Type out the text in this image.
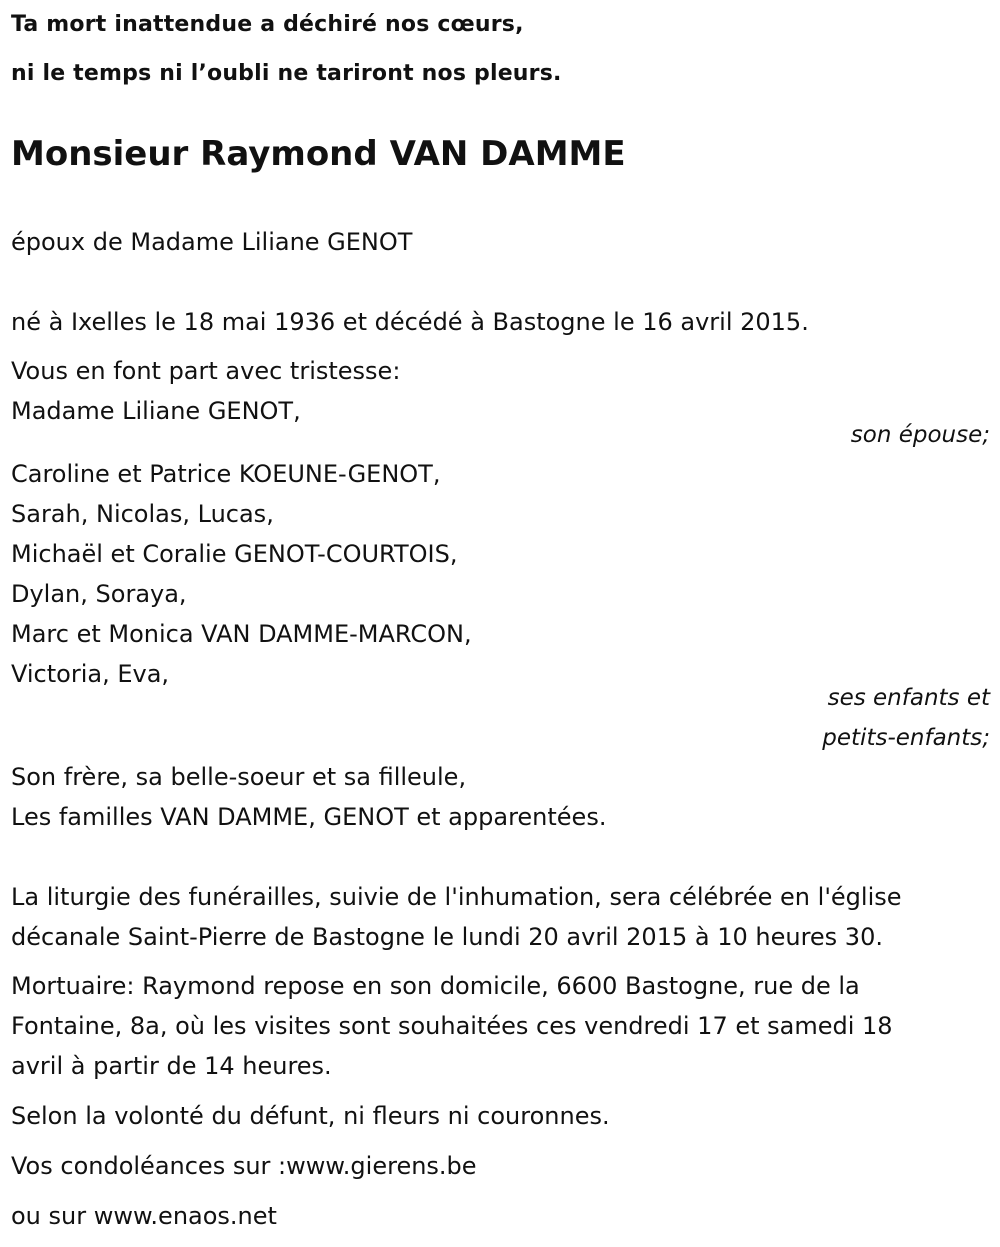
Ta mort inattendue a déchiré nos cœurs,
ni le temps ni l’oubli ne tariront nos pleurs.
Monsieur Raymond VAN DAMME
époux de Madame Liliane GENOT
né à Ixelles le 18 mai 1936 et décédé à Bastogne le 16 avril 2015.
Vous en font part avec tristesse:
Madame Liliane GENOT,
son épouse;
Caroline et Patrice KOEUNE-GENOT,
Sarah, Nicolas, Lucas,
Michaël et Coralie GENOT-COURTOIS,
Dylan, Soraya,
Marc et Monica VAN DAMME-MARCON,
Victoria, Eva,
ses enfants et
petits-enfants;
Son frère, sa belle-soeur et sa filleule,
Les familles VAN DAMME, GENOT et apparentées.
La liturgie des funérailles, suivie de l'inhumation, sera célébrée en l'église
décanale Saint-Pierre de Bastogne le lundi 20 avril 2015 à 10 heures 30.
Mortuaire: Raymond repose en son domicile, 6600 Bastogne, rue de la
Fontaine, 8a, où les visites sont souhaitées ces vendredi 17 et samedi 18
avril à partir de 14 heures.
Selon la volonté du défunt, ni fleurs ni couronnes.
Vos condoléances sur :www.gierens.be
ou sur www.enaos.net
